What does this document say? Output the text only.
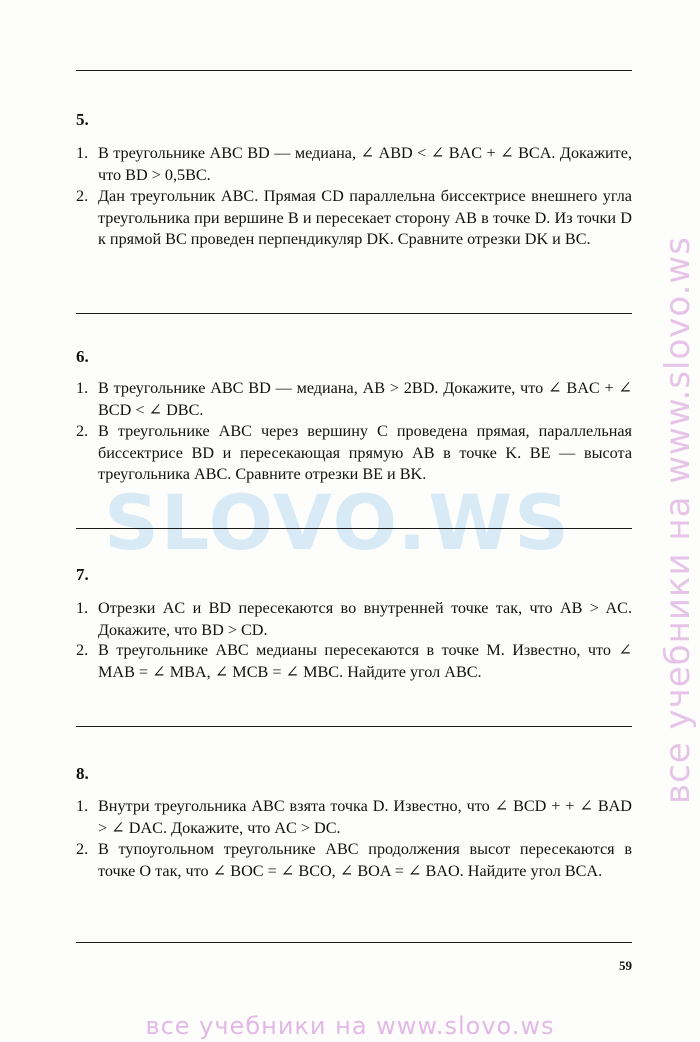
SLOVO.WS	все учебники на www.slovo.ws
5.
1. В треугольнике ABC BD — медиана, ∠ ABD < ∠ BAC + ∠ BCA. Докажите, что BD > 0,5BC.
2. Дан треугольник ABC. Прямая CD параллельна биссектрисе внешнего угла треугольника при вершине B и пересекает сторону AB в точке D. Из точки D к прямой BC проведен перпендикуляр DK. Сравните отрезки DK и BC.
6.
1. В треугольнике ABC BD — медиана, AB > 2BD. Докажите, что ∠ BAC + ∠ BCD < ∠ DBC.
2. В треугольнике ABC через вершину C проведена прямая, параллельная биссектрисе BD и пересекающая прямую AB в точке K. BE — высота треугольника ABC. Сравните отрезки BE и BK.
7.
1. Отрезки AC и BD пересекаются во внутренней точке так, что AB > AC. Докажите, что BD > CD.
2. В треугольнике ABC медианы пересекаются в точке M. Известно, что ∠ MAB = ∠ MBA, ∠ MCB = ∠ MBC. Найдите угол ABC.
8.
1. Внутри треугольника ABC взята точка D. Известно, что ∠ BCD + + ∠ BAD > ∠ DAC. Докажите, что AC > DC.
2. В тупоугольном треугольнике ABC продолжения высот пересекаются в точке O так, что ∠ BOC = ∠ BCO, ∠ BOA = ∠ BAO. Найдите угол BCA.
59
все учебники на www.slovo.ws
